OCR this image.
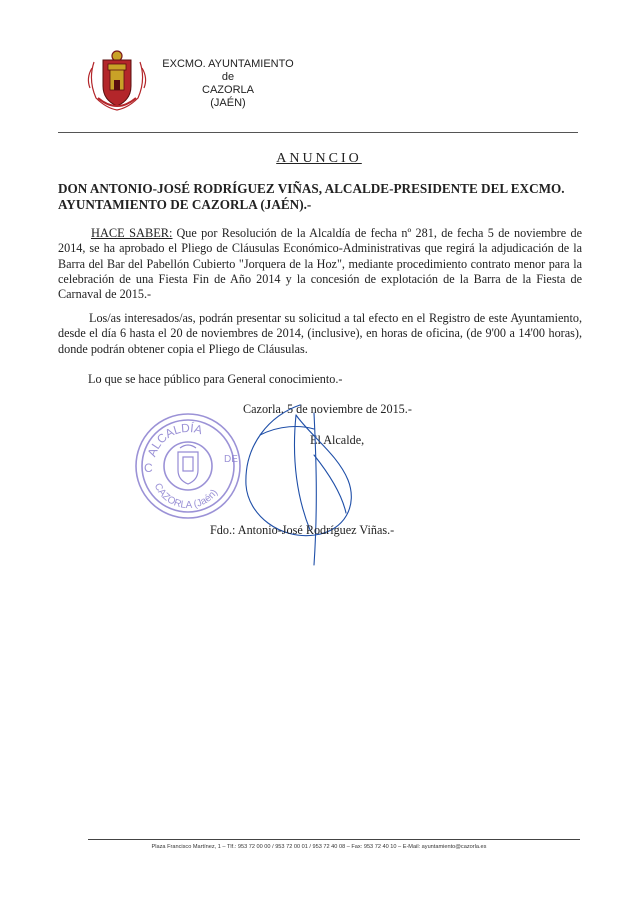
EXCMO. AYUNTAMIENTO
de
CAZORLA
(JAÉN)
ANUNCIO
DON ANTONIO-JOSÉ RODRÍGUEZ VIÑAS, ALCALDE-PRESIDENTE DEL EXCMO.
AYUNTAMIENTO DE CAZORLA (JAÉN).-
HACE SABER: Que por Resolución de la Alcaldía de fecha nº 281, de fecha 5 de noviembre de 2014, se ha aprobado el Pliego de Cláusulas Económico-Administrativas que regirá la adjudicación de la Barra del Bar del Pabellón Cubierto "Jorquera de la Hoz", mediante procedimiento contrato menor para la celebración de una Fiesta Fin de Año 2014 y la concesión de explotación de la Barra de la Fiesta de Carnaval de 2015.-
Los/as interesados/as, podrán presentar su solicitud a tal efecto en el Registro de este Ayuntamiento, desde el día 6 hasta el 20 de noviembres de 2014, (inclusive), en horas de oficina, (de 9'00 a 14'00 horas), donde podrán obtener copia el Pliego de Cláusulas.
Lo que se hace público para General conocimiento.-
Cazorla, 5 de noviembre de 2015.-
El Alcalde,
ALCALDÍA
CAZORLA (Jaén)
C
DE
Fdo.: Antonio-José Rodríguez Viñas.-
Plaza Francisco Martínez, 1 – Tlf.: 953 72 00 00 / 953 72 00 01 / 953 72 40 08 – Fax: 953 72 40 10 – E-Mail: ayuntamiento@cazorla.es
